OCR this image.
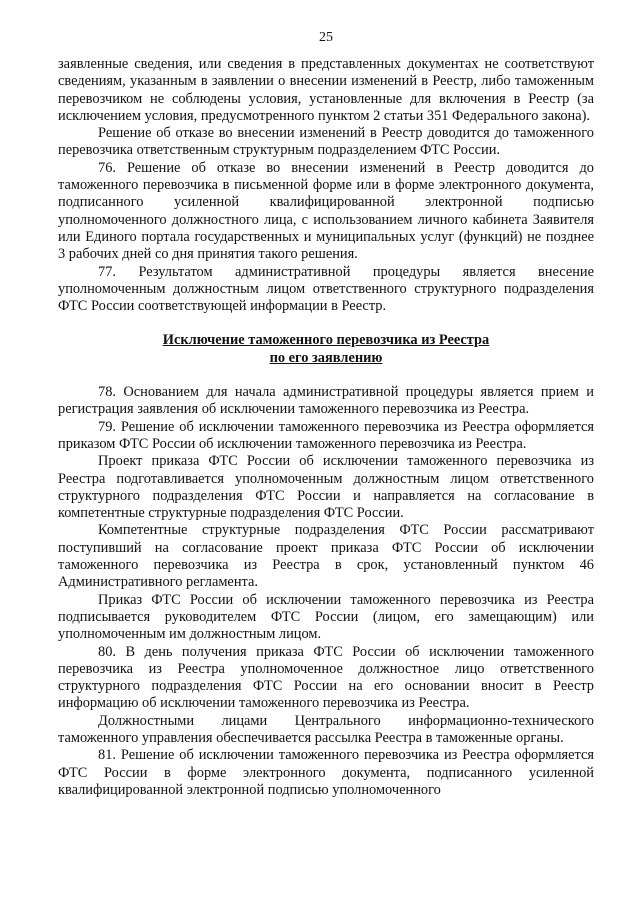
25

заявленные сведения, или сведения в представленных документах не соответствуют сведениям, указанным в заявлении о внесении изменений в Реестр, либо таможенным перевозчиком не соблюдены условия, установленные для включения в Реестр (за исключением условия, предусмотренного пунктом 2 статьи 351 Федерального закона).

Решение об отказе во внесении изменений в Реестр доводится до таможенного перевозчика ответственным структурным подразделением ФТС России.

76. Решение об отказе во внесении изменений в Реестр доводится до таможенного перевозчика в письменной форме или в форме электронного документа, подписанного усиленной квалифицированной электронной подписью уполномоченного должностного лица, с использованием личного кабинета Заявителя или Единого портала государственных и муниципальных услуг (функций) не позднее 3 рабочих дней со дня принятия такого решения.

77. Результатом административной процедуры является внесение уполномоченным должностным лицом ответственного структурного подразделения ФТС России соответствующей информации в Реестр.

Исключение таможенного перевозчика из Реестра
по его заявлению

78. Основанием для начала административной процедуры является прием и регистрация заявления об исключении таможенного перевозчика из Реестра.

79. Решение об исключении таможенного перевозчика из Реестра оформляется приказом ФТС России об исключении таможенного перевозчика из Реестра.

Проект приказа ФТС России об исключении таможенного перевозчика из Реестра подготавливается уполномоченным должностным лицом ответственного структурного подразделения ФТС России и направляется на согласование в компетентные структурные подразделения ФТС России.

Компетентные структурные подразделения ФТС России рассматривают поступивший на согласование проект приказа ФТС России об исключении таможенного перевозчика из Реестра в срок, установленный пунктом 46 Административного регламента.

Приказ ФТС России об исключении таможенного перевозчика из Реестра подписывается руководителем ФТС России (лицом, его замещающим) или уполномоченным им должностным лицом.

80. В день получения приказа ФТС России об исключении таможенного перевозчика из Реестра уполномоченное должностное лицо ответственного структурного подразделения ФТС России на его основании вносит в Реестр информацию об исключении таможенного перевозчика из Реестра.

Должностными лицами Центрального информационно-технического таможенного управления обеспечивается рассылка Реестра в таможенные органы.

81. Решение об исключении таможенного перевозчика из Реестра оформляется ФТС России в форме электронного документа, подписанного усиленной квалифицированной электронной подписью уполномоченного
